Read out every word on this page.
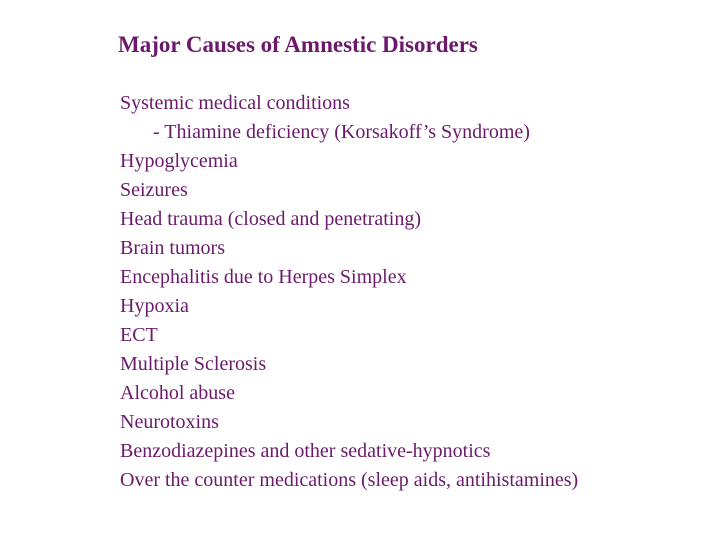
Major Causes of Amnestic Disorders
Systemic medical conditions
- Thiamine deficiency (Korsakoff’s Syndrome)
Hypoglycemia
Seizures
Head trauma (closed and penetrating)
Brain tumors
Encephalitis due to Herpes Simplex
Hypoxia
ECT
Multiple Sclerosis
Alcohol abuse
Neurotoxins
Benzodiazepines and other sedative-hypnotics
Over the counter medications (sleep aids, antihistamines)
